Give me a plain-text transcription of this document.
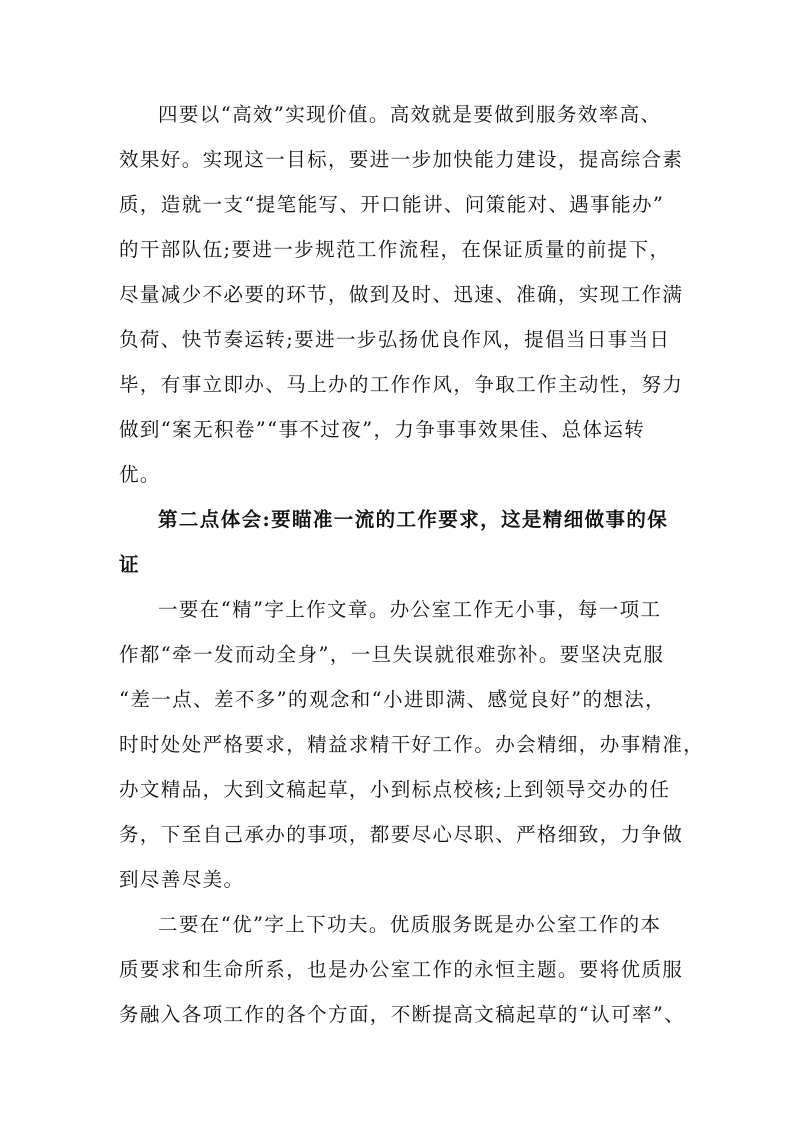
四要以“高效”实现价值。高效就是要做到服务效率高、
效果好。实现这一目标，要进一步加快能力建设，提高综合素
质，造就一支“提笔能写、开口能讲、问策能对、遇事能办”
的干部队伍;要进一步规范工作流程，在保证质量的前提下，
尽量减少不必要的环节，做到及时、迅速、准确，实现工作满
负荷、快节奏运转;要进一步弘扬优良作风，提倡当日事当日
毕，有事立即办、马上办的工作作风，争取工作主动性，努力
做到“案无积卷”“事不过夜”，力争事事效果佳、总体运转
优。
第二点体会:要瞄准一流的工作要求，这是精细做事的保
证
一要在“精”字上作文章。办公室工作无小事，每一项工
作都“牵一发而动全身”，一旦失误就很难弥补。要坚决克服
“差一点、差不多”的观念和“小进即满、感觉良好”的想法，
时时处处严格要求，精益求精干好工作。办会精细，办事精准，
办文精品，大到文稿起草，小到标点校核;上到领导交办的任
务，下至自己承办的事项，都要尽心尽职、严格细致，力争做
到尽善尽美。
二要在“优”字上下功夫。优质服务既是办公室工作的本
质要求和生命所系，也是办公室工作的永恒主题。要将优质服
务融入各项工作的各个方面，不断提高文稿起草的“认可率”、
